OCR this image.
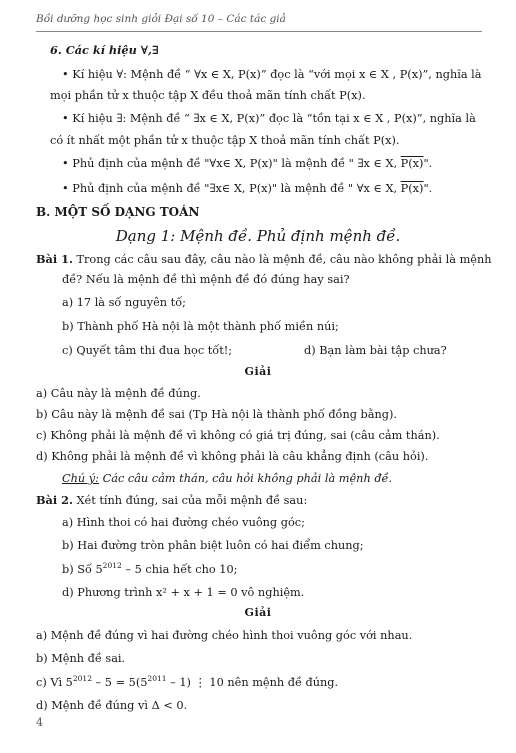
Bồi dưỡng học sinh giỏi Đại số 10 – Các tác giả
6. Các kí hiệu ∀,∃
• Kí hiệu ∀: Mệnh đề “ ∀x ∈ X, P(x)” đọc là “với mọi x ∈ X , P(x)”, nghĩa là
mọi phần tử x thuộc tập X đều thoả mãn tính chất P(x).
• Kí hiệu ∃: Mệnh đề “ ∃x ∈ X, P(x)” đọc là “tồn tại x ∈ X , P(x)”, nghĩa là
có ít nhất một phần tử x thuộc tập X thoả mãn tính chất P(x).
• Phủ định của mệnh đề "∀x∈ X, P(x)" là mệnh đề " ∃x ∈ X, P(x)".
• Phủ định của mệnh đề "∃x∈ X, P(x)" là mệnh đề " ∀x ∈ X, P(x)".
B. MỘT SỐ DẠNG TOÁN
Dạng 1: Mệnh đề. Phủ định mệnh đề.
Bài 1. Trong các câu sau đây, câu nào là mệnh đề, câu nào không phải là mệnh
đề? Nếu là mệnh đề thì mệnh đề đó đúng hay sai?
a) 17 là số nguyên tố;
b) Thành phố Hà nội là một thành phố miền núi;
c) Quyết tâm thi đua học tốt!;	d) Bạn làm bài tập chưa?
Giải
a) Câu này là mệnh đề đúng.
b) Câu này là mệnh đề sai (Tp Hà nội là thành phố đồng bằng).
c) Không phải là mệnh đề vì không có giá trị đúng, sai (câu cảm thán).
d) Không phải là mệnh đề vì không phải là câu khẳng định (câu hỏi).
Chú ý: Các câu cảm thán, câu hỏi không phải là mệnh đề.
Bài 2. Xét tính đúng, sai của mỗi mệnh đề sau:
a) Hình thoi có hai đường chéo vuông góc;
b) Hai đường tròn phân biệt luôn có hai điểm chung;
b) Số $5^{2012} - 5$ chia hết cho 10;
d) Phương trình x² + x + 1 = 0 vô nghiệm.
Giải
a) Mệnh đề đúng vì hai đường chéo hình thoi vuông góc với nhau.
b) Mệnh đề sai.
c) Vì $5^{2012} - 5 = 5(5^{2011} - 1)$ ⋮ 10 nên mệnh đề đúng.
d) Mệnh đề đúng vì Δ < 0.
4
